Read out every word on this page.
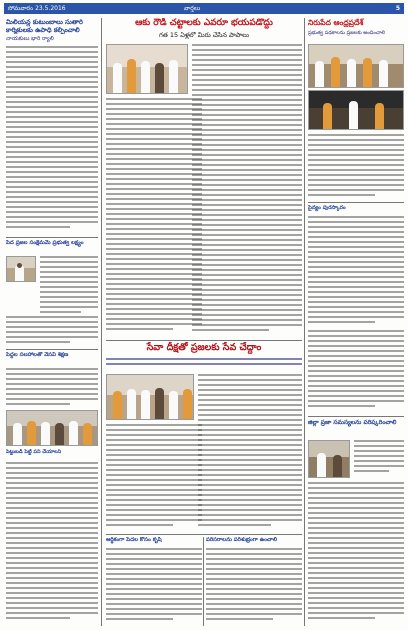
సోమవారం 23.5.2016	వార్తలు	5
మిలియన్ల కుటుంబాలు సుతారి కార్మికులకు ఉపాధి కల్పించాలి
నాయకులు భారీ ర్యాలీ
పేద ప్రజల సంక్షేమమే ప్రభుత్వ లక్ష్యం
పెద్దల సలహాలతో వేసవి శిక్షణ
పెట్టుబడి పెట్టి పని చేయాలని
ఆకు రౌడీ చట్టాలకు ఎవరూ భయపడొద్దు
గత 15 ఏళ్లలో మీరు చేసిన పాపాలు
సేవా దీక్షతో ప్రజలకు సేవ చేద్దాం
ఆర్థికంగా పేదల కోసం కృషి	పరిసరాలను పరిశుభ్రంగా ఉంచాలి
నిరుపేద ఆంధ్రప్రదేశ్
ప్రభుత్వ పథకాలను ప్రజలకు అందించాలి
సైన్యం పురస్కారం
జిల్లా ప్రజా సమస్యలను పరిష్కరించాలి
